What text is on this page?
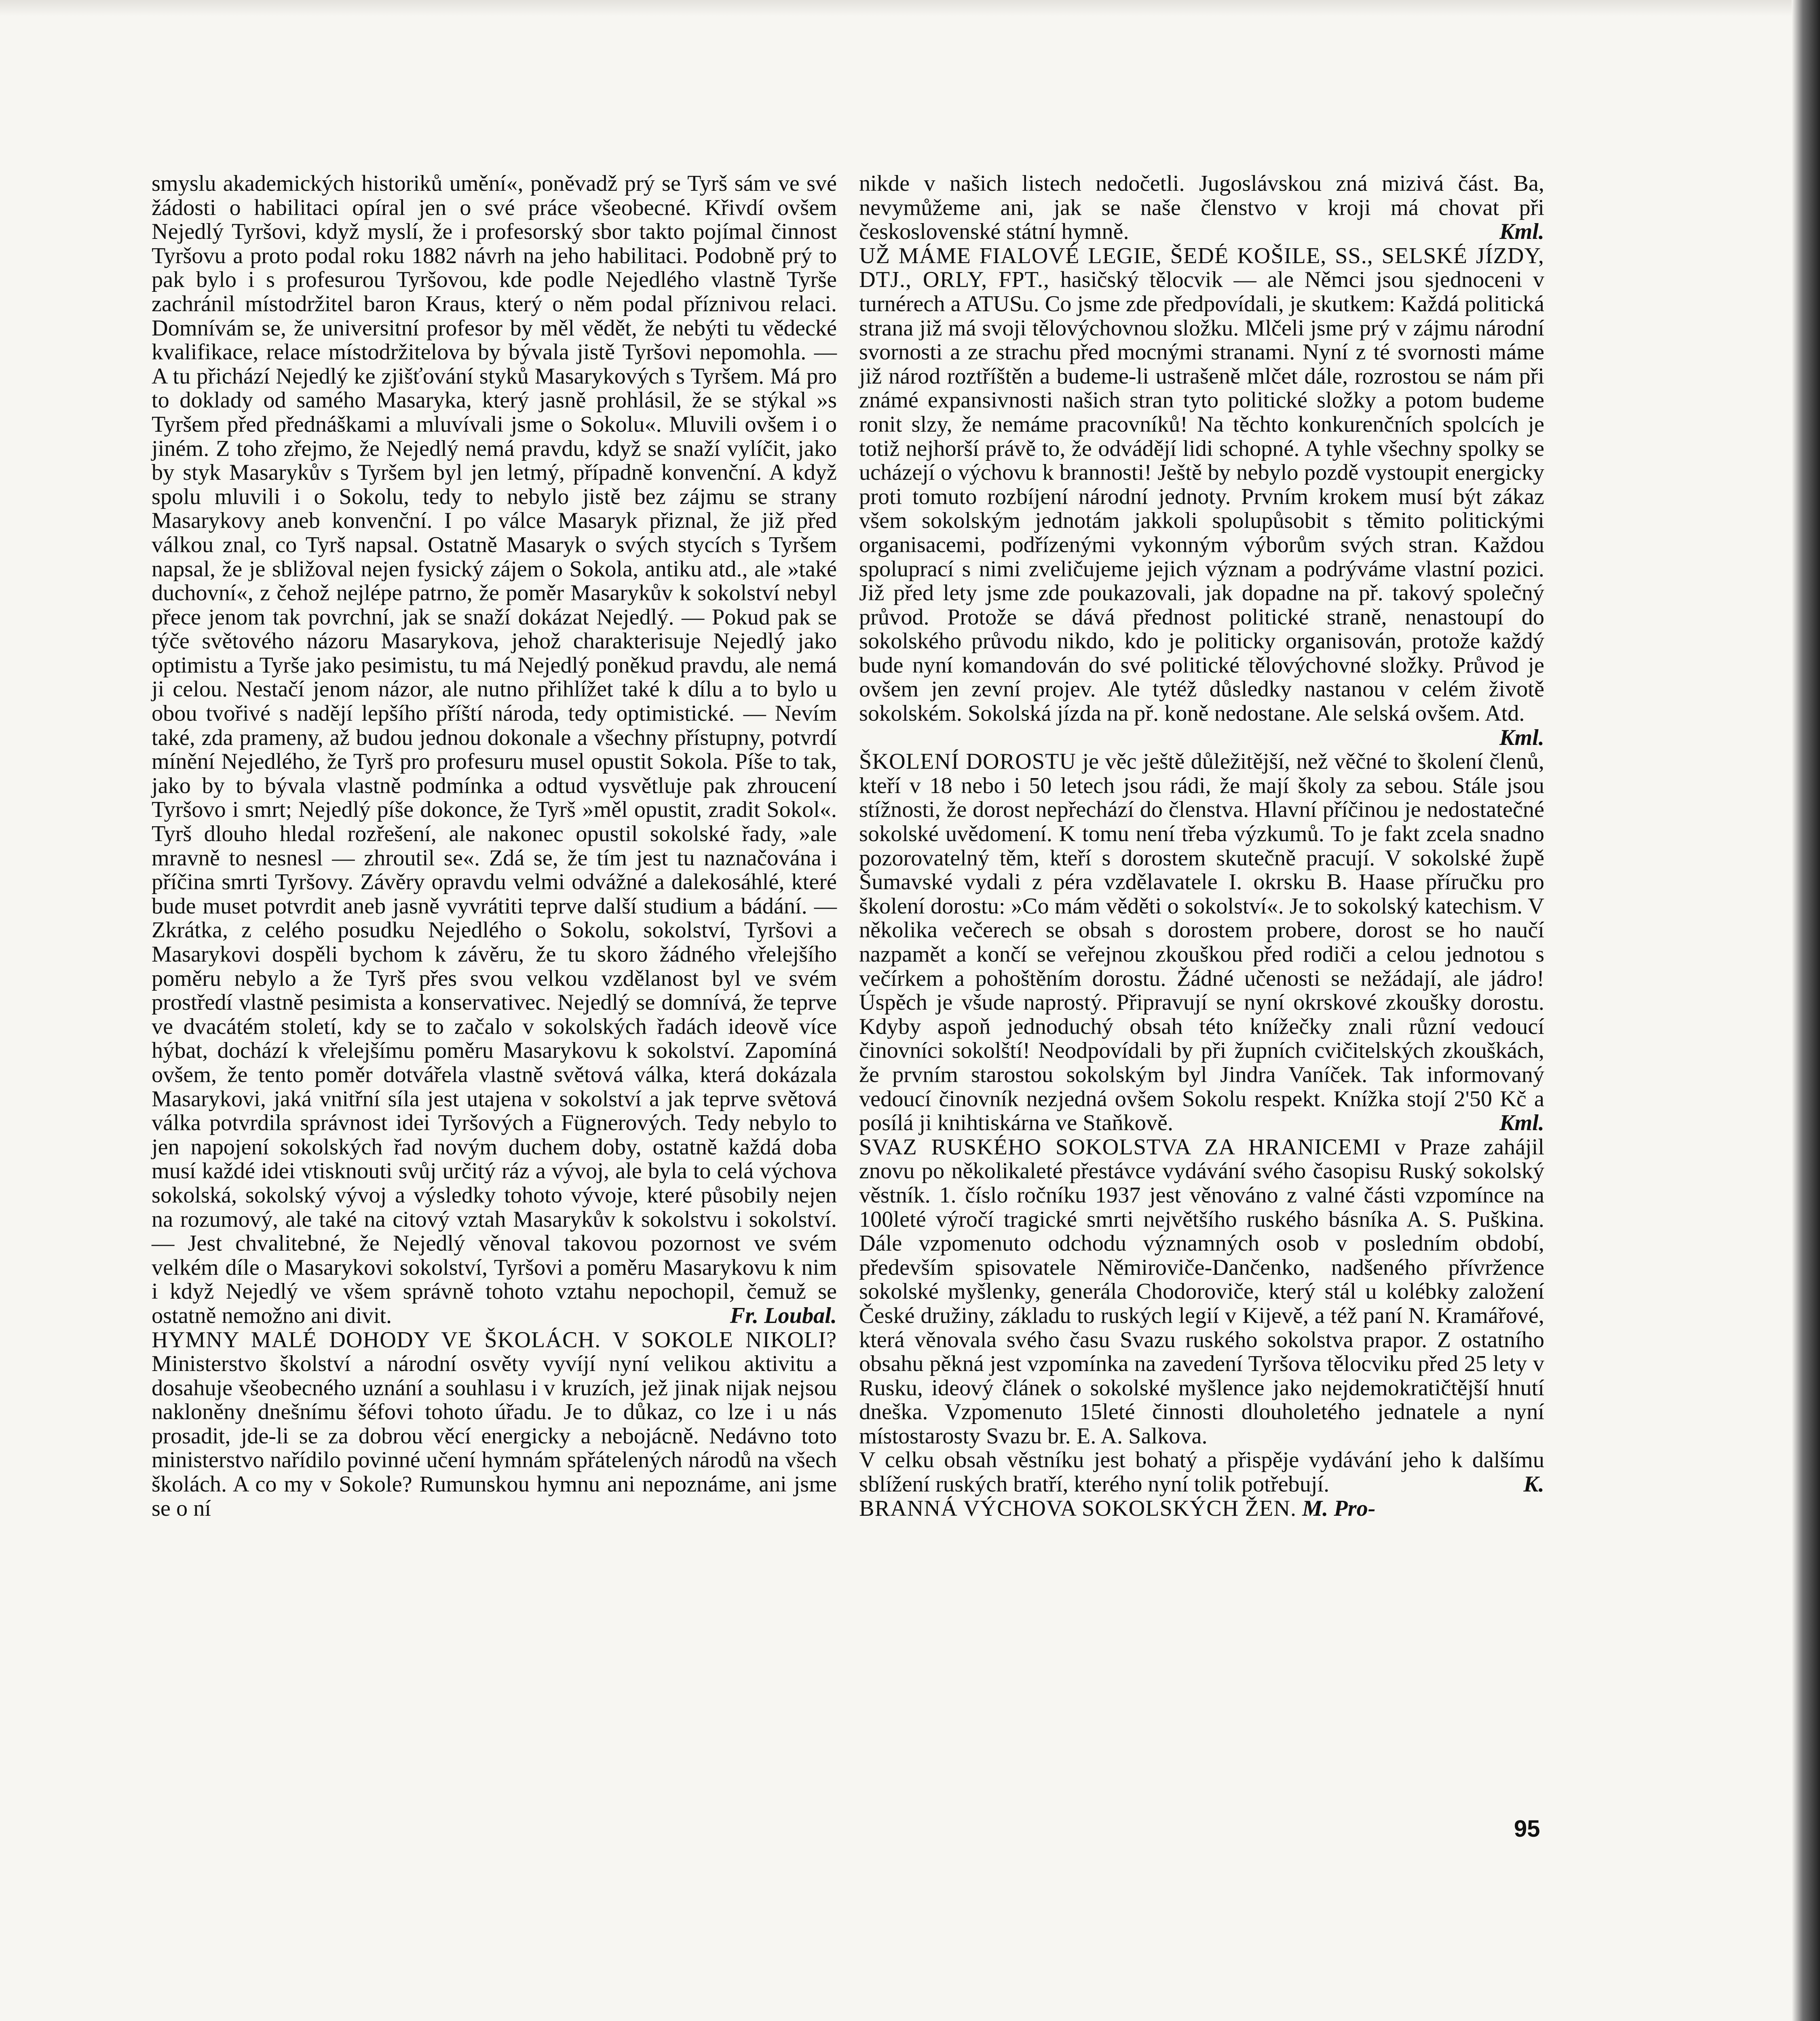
smyslu akademických historiků umění«, poněvadž prý se Tyrš sám ve své žádosti o habilitaci opíral jen o své práce všeobecné. Křivdí ovšem Nejedlý Tyršovi, když myslí, že i profesorský sbor takto pojímal činnost Tyršovu a proto podal roku 1882 návrh na jeho habilitaci. Podobně prý to pak bylo i s profesurou Tyršovou, kde podle Nejedlého vlastně Tyrše zachránil místodržitel baron Kraus, který o něm podal příznivou relaci. Domnívám se, že universitní profesor by měl vědět, že nebýti tu vědecké kvalifikace, relace místodržitelova by bývala jistě Tyršovi nepomohla. — A tu přichází Nejedlý ke zjišťování styků Masarykových s Tyršem. Má pro to doklady od samého Masaryka, který jasně prohlásil, že se stýkal »s Tyršem před přednáškami a mluvívali jsme o Sokolu«. Mluvili ovšem i o jiném. Z toho zřejmo, že Nejedlý nemá pravdu, když se snaží vylíčit, jako by styk Masarykův s Tyršem byl jen letmý, případně konvenční. A když spolu mluvili i o Sokolu, tedy to nebylo jistě bez zájmu se strany Masarykovy aneb konvenční. I po válce Masaryk přiznal, že již před válkou znal, co Tyrš napsal. Ostatně Masaryk o svých stycích s Tyršem napsal, že je sbližoval nejen fysický zájem o Sokola, antiku atd., ale »také duchovní«, z čehož nejlépe patrno, že poměr Masarykův k sokolství nebyl přece jenom tak povrchní, jak se snaží dokázat Nejedlý. — Pokud pak se týče světového názoru Masarykova, jehož charakterisuje Nejedlý jako optimistu a Tyrše jako pesimistu, tu má Nejedlý poněkud pravdu, ale nemá ji celou. Nestačí jenom názor, ale nutno přihlížet také k dílu a to bylo u obou tvořivé s nadějí lepšího příští národa, tedy optimistické. — Nevím také, zda prameny, až budou jednou dokonale a všechny přístupny, potvrdí mínění Nejedlého, že Tyrš pro profesuru musel opustit Sokola. Píše to tak, jako by to bývala vlastně podmínka a odtud vysvětluje pak zhroucení Tyršovo i smrt; Nejedlý píše dokonce, že Tyrš »měl opustit, zradit Sokol«. Tyrš dlouho hledal rozřešení, ale nakonec opustil sokolské řady, »ale mravně to nesnesl — zhroutil se«. Zdá se, že tím jest tu naznačována i příčina smrti Tyršovy. Závěry opravdu velmi odvážné a dalekosáhlé, které bude muset potvrdit aneb jasně vyvrátiti teprve další studium a bádání. — Zkrátka, z celého posudku Nejedlého o Sokolu, sokolství, Tyršovi a Masarykovi dospěli bychom k závěru, že tu skoro žádného vřelejšího poměru nebylo a že Tyrš přes svou velkou vzdělanost byl ve svém prostředí vlastně pesimista a konservativec. Nejedlý se domnívá, že teprve ve dvacátém století, kdy se to začalo v sokolských řadách ideově více hýbat, dochází k vřelejšímu poměru Masarykovu k sokolství. Zapomíná ovšem, že tento poměr dotvářela vlastně světová válka, která dokázala Masarykovi, jaká vnitřní síla jest utajena v sokolství a jak teprve světová válka potvrdila správnost idei Tyršových a Fügnerových. Tedy nebylo to jen napojení sokolských řad novým duchem doby, ostatně každá doba musí každé idei vtisknouti svůj určitý ráz a vývoj, ale byla to celá výchova sokolská, sokolský vývoj a výsledky tohoto vývoje, které působily nejen na rozumový, ale také na citový vztah Masarykův k sokolstvu i sokolství. — Jest chvalitebné, že Nejedlý věnoval takovou pozornost ve svém velkém díle o Masarykovi sokolství, Tyršovi a poměru Masarykovu k nim i když Nejedlý ve všem správně tohoto vztahu nepochopil, čemuž se ostatně nemožno ani divit.	Fr. Loubal.

HYMNY MALÉ DOHODY VE ŠKOLÁCH. V SOKOLE NIKOLI? Ministerstvo školství a národní osvěty vyvíjí nyní velikou aktivitu a dosahuje všeobecného uznání a souhlasu i v kruzích, jež jinak nijak nejsou nakloněny dnešnímu šéfovi tohoto úřadu. Je to důkaz, co lze i u nás prosadit, jde-li se za dobrou věcí energicky a nebojácně. Nedávno toto ministerstvo nařídilo povinné učení hymnám spřátelených národů na všech školách. A co my v Sokole? Rumunskou hymnu ani nepoznáme, ani jsme se o ní

nikde v našich listech nedočetli. Jugoslávskou zná mizivá část. Ba, nevymůžeme ani, jak se naše členstvo v kroji má chovat při československé státní hymně.	Kml.

UŽ MÁME FIALOVÉ LEGIE, ŠEDÉ KOŠILE, SS., SELSKÉ JÍZDY, DTJ., ORLY, FPT., hasičský tělocvik — ale Němci jsou sjednoceni v turnérech a ATUSu. Co jsme zde předpovídali, je skutkem: Každá politická strana již má svoji tělovýchovnou složku. Mlčeli jsme prý v zájmu národní svornosti a ze strachu před mocnými stranami. Nyní z té svornosti máme již národ roztříštěn a budeme-li ustrašeně mlčet dále, rozrostou se nám při známé expansivnosti našich stran tyto politické složky a potom budeme ronit slzy, že nemáme pracovníků! Na těchto konkurenčních spolcích je totiž nejhorší právě to, že odvádějí lidi schopné. A tyhle všechny spolky se ucházejí o výchovu k brannosti! Ještě by nebylo pozdě vystoupit energicky proti tomuto rozbíjení národní jednoty. Prvním krokem musí být zákaz všem sokolským jednotám jakkoli spolupůsobit s těmito politickými organisacemi, podřízenými vykonným výborům svých stran. Každou spoluprací s nimi zveličujeme jejich význam a podrýváme vlastní pozici. Již před lety jsme zde poukazovali, jak dopadne na př. takový společný průvod. Protože se dává přednost politické straně, nenastoupí do sokolského průvodu nikdo, kdo je politicky organisován, protože každý bude nyní komandován do své politické tělovýchovné složky. Průvod je ovšem jen zevní projev. Ale tytéž důsledky nastanou v celém životě sokolském. Sokolská jízda na př. koně nedostane. Ale selská ovšem. Atd.
Kml.

ŠKOLENÍ DOROSTU je věc ještě důležitější, než věčné to školení členů, kteří v 18 nebo i 50 letech jsou rádi, že mají školy za sebou. Stále jsou stížnosti, že dorost nepřechází do členstva. Hlavní příčinou je nedostatečné sokolské uvědomení. K tomu není třeba výzkumů. To je fakt zcela snadno pozorovatelný těm, kteří s dorostem skutečně pracují. V sokolské župě Šumavské vydali z péra vzdělavatele I. okrsku B. Haase příručku pro školení dorostu: »Co mám věděti o sokolství«. Je to sokolský katechism. V několika večerech se obsah s dorostem probere, dorost se ho naučí nazpamět a končí se veřejnou zkouškou před rodiči a celou jednotou s večírkem a pohoštěním dorostu. Žádné učenosti se nežádají, ale jádro! Úspěch je všude naprostý. Připravují se nyní okrskové zkoušky dorostu. Kdyby aspoň jednoduchý obsah této knížečky znali různí vedoucí činovníci sokolští! Neodpovídali by při župních cvičitelských zkouškách, že prvním starostou sokolským byl Jindra Vaníček. Tak informovaný vedoucí činovník nezjedná ovšem Sokolu respekt. Knížka stojí 2'50 Kč a posílá ji knihtiskárna ve Staňkově.	Kml.

SVAZ RUSKÉHO SOKOLSTVA ZA HRANICEMI v Praze zahájil znovu po několikaleté přestávce vydávání svého časopisu Ruský sokolský věstník. 1. číslo ročníku 1937 jest věnováno z valné části vzpomínce na 100leté výročí tragické smrti největšího ruského básníka A. S. Puškina. Dále vzpomenuto odchodu významných osob v posledním období, především spisovatele Němiroviče-Dančenko, nadšeného přívržence sokolské myšlenky, generála Chodoroviče, který stál u kolébky založení České družiny, základu to ruských legií v Kijevě, a též paní N. Kramářové, která věnovala svého času Svazu ruského sokolstva prapor. Z ostatního obsahu pěkná jest vzpomínka na zavedení Tyršova tělocviku před 25 lety v Rusku, ideový článek o sokolské myšlence jako nejdemokratičtější hnutí dneška. Vzpomenuto 15leté činnosti dlouholetého jednatele a nyní místostarosty Svazu br. E. A. Salkova.

V celku obsah věstníku jest bohatý a přispěje vydávání jeho k dalšímu sblížení ruských bratří, kterého nyní tolik potřebují.	K.

BRANNÁ VÝCHOVA SOKOLSKÝCH ŽEN. M. Pro-

95
